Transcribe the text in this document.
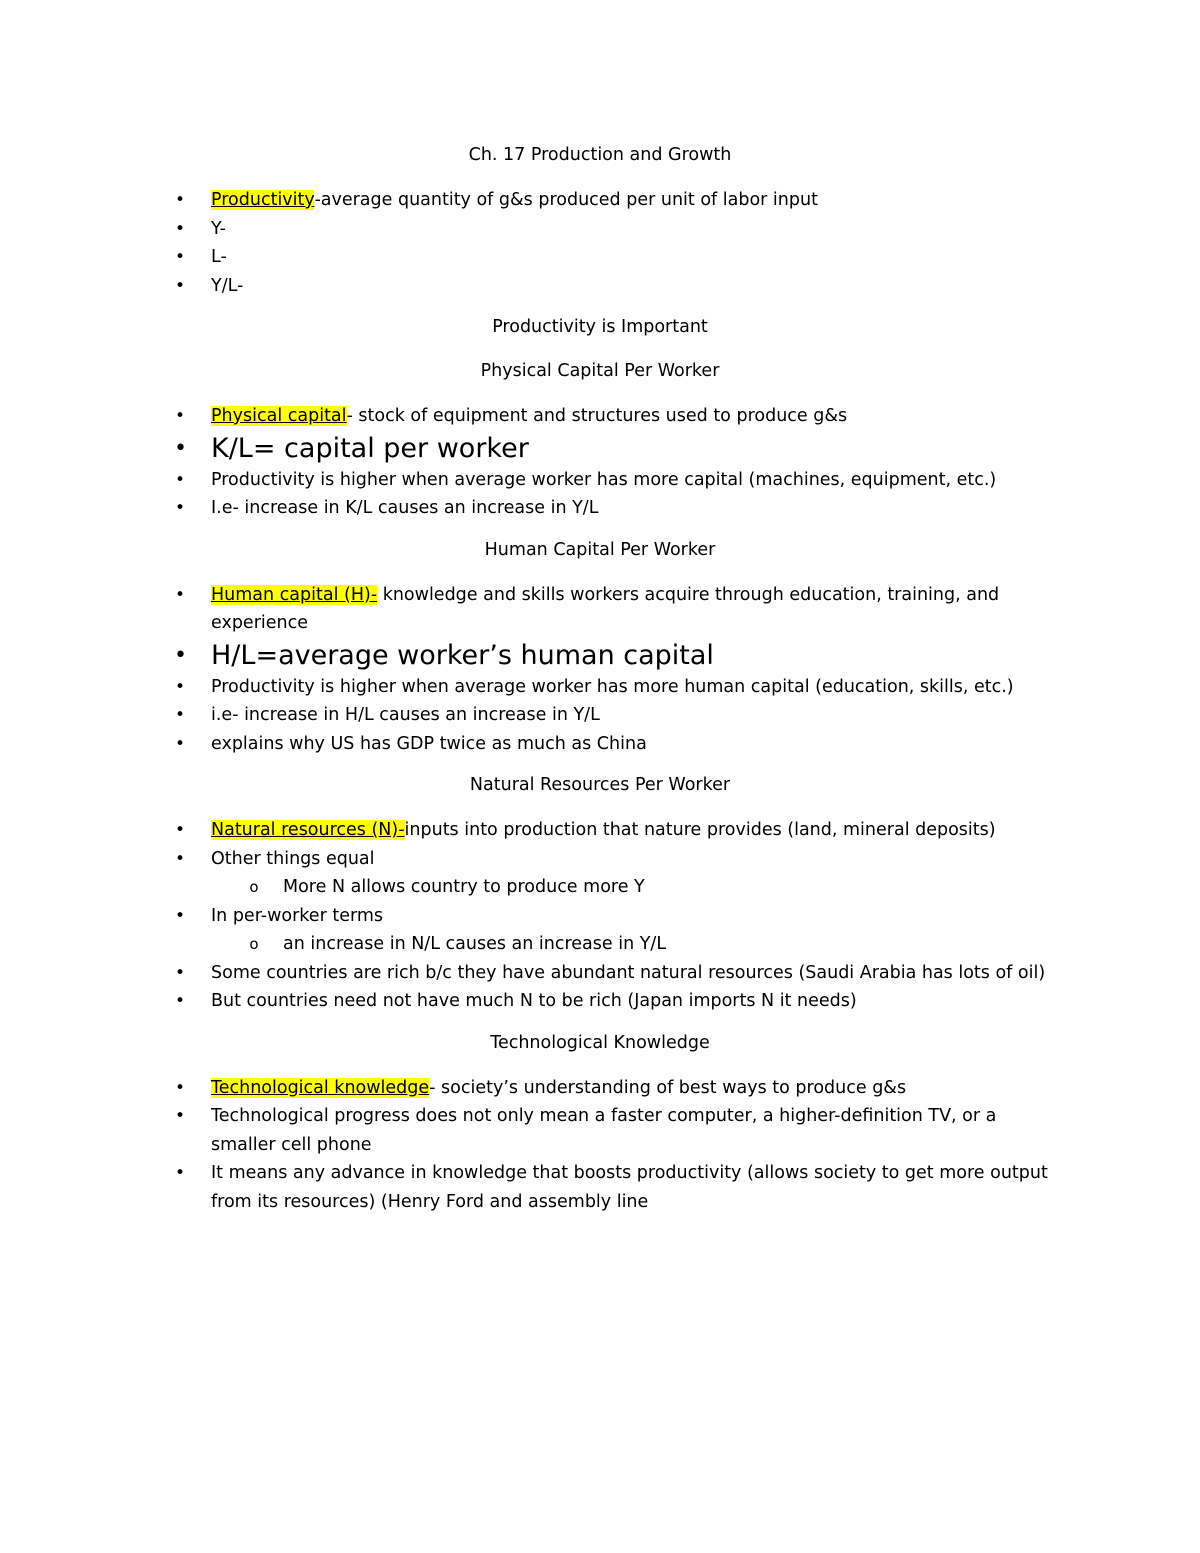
Ch. 17 Production and Growth

• Productivity-average quantity of g&s produced per unit of labor input
• Y-
• L-
• Y/L-

Productivity is Important

Physical Capital Per Worker

• Physical capital- stock of equipment and structures used to produce g&s
• K/L= capital per worker
• Productivity is higher when average worker has more capital (machines, equipment, etc.)
• I.e- increase in K/L causes an increase in Y/L

Human Capital Per Worker

• Human capital (H)- knowledge and skills workers acquire through education, training, and experience
• H/L=average worker’s human capital
• Productivity is higher when average worker has more human capital (education, skills, etc.)
• i.e- increase in H/L causes an increase in Y/L
• explains why US has GDP twice as much as China

Natural Resources Per Worker

• Natural resources (N)-inputs into production that nature provides (land, mineral deposits)
• Other things equal
o More N allows country to produce more Y
• In per-worker terms
o an increase in N/L causes an increase in Y/L
• Some countries are rich b/c they have abundant natural resources (Saudi Arabia has lots of oil)
• But countries need not have much N to be rich (Japan imports N it needs)

Technological Knowledge

• Technological knowledge- society’s understanding of best ways to produce g&s
• Technological progress does not only mean a faster computer, a higher-definition TV, or a smaller cell phone
• It means any advance in knowledge that boosts productivity (allows society to get more output from its resources) (Henry Ford and assembly line
